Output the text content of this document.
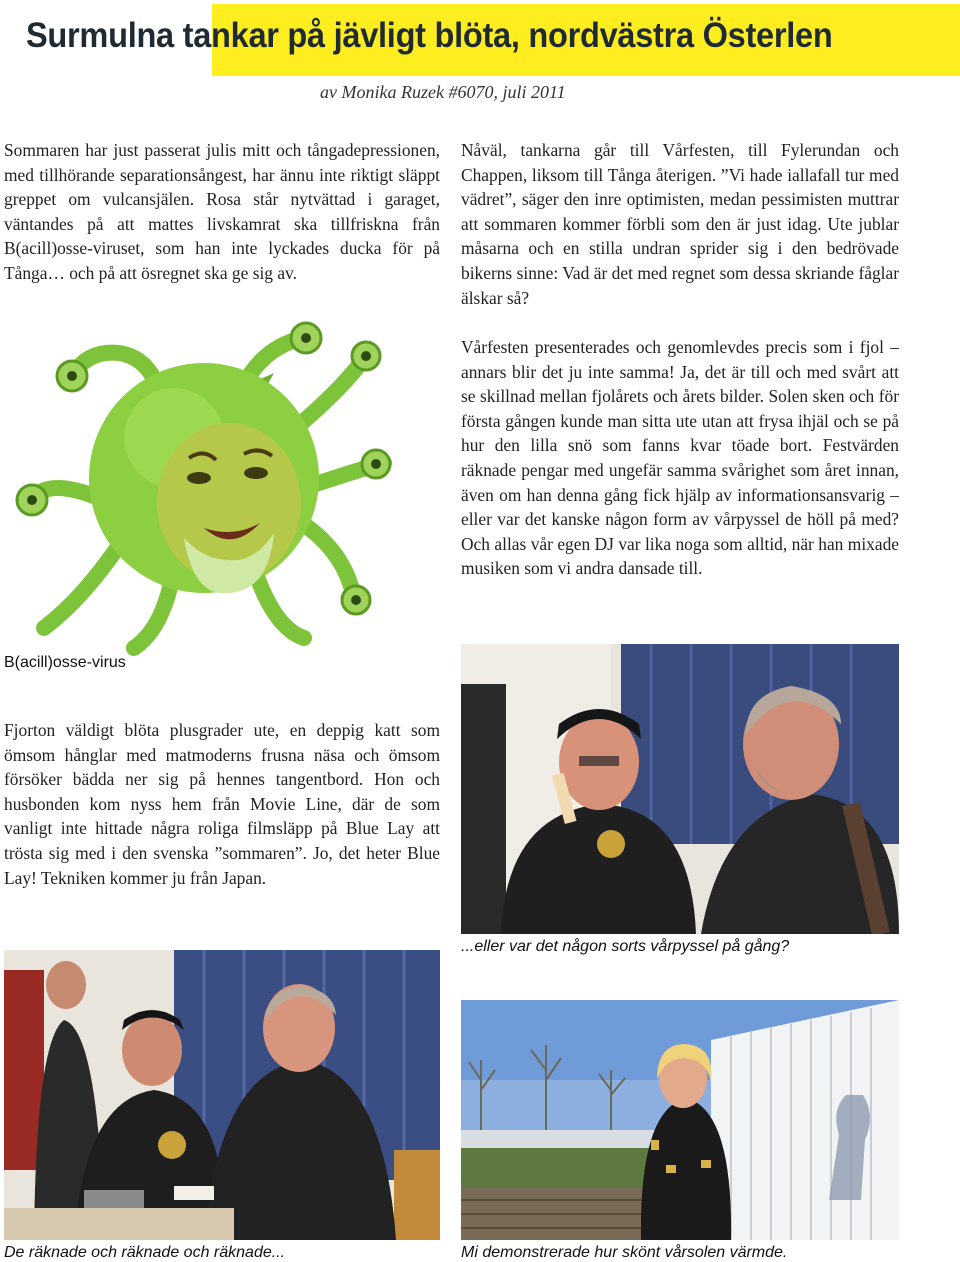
Surmulna tankar på jävligt blöta, nordvästra Österlen
av Monika Ruzek #6070, juli 2011

Sommaren har just passerat julis mitt och tångadepressionen, med tillhörande separationsångest, har ännu inte riktigt släppt greppet om vulcansjälen. Rosa står nytvättad i garaget, väntandes på att mattes livskamrat ska tillfriskna från B(acill)osse-viruset, som han inte lyckades ducka för på Tånga… och på att ösregnet ska ge sig av.

Nåväl, tankarna går till Vårfesten, till Fylerundan och Chappen, liksom till Tånga återigen. ”Vi hade iallafall tur med vädret”, säger den inre optimisten, medan pessimisten muttrar att sommaren kommer förbli som den är just idag. Ute jublar måsarna och en stilla undran sprider sig i den bedrövade bikerns sinne: Vad är det med regnet som dessa skriande fåglar älskar så?

Vårfesten presenterades och genomlevdes precis som i fjol – annars blir det ju inte samma! Ja, det är till och med svårt att se skillnad mellan fjolårets och årets bilder. Solen sken och för första gången kunde man sitta ute utan att frysa ihjäl och se på hur den lilla snö som fanns kvar töade bort. Festvärden räknade pengar med ungefär samma svårighet som året innan, även om han denna gång fick hjälp av informationsansvarig – eller var det kanske någon form av vårpyssel de höll på med? Och allas vår egen DJ var lika noga som alltid, när han mixade musiken som vi andra dansade till.

B(acill)osse-virus

Fjorton väldigt blöta plusgrader ute, en deppig katt som ömsom hånglar med matmoderns frusna näsa och ömsom försöker bädda ner sig på hennes tangentbord. Hon och husbonden kom nyss hem från Movie Line, där de som vanligt inte hittade några roliga filmsläpp på Blue Lay att trösta sig med i den svenska ”sommaren”. Jo, det heter Blue Lay! Tekniken kommer ju från Japan.

...eller var det någon sorts vårpyssel på gång?

De räknade och räknade och räknade...	Mi demonstrerade hur skönt vårsolen värmde.
